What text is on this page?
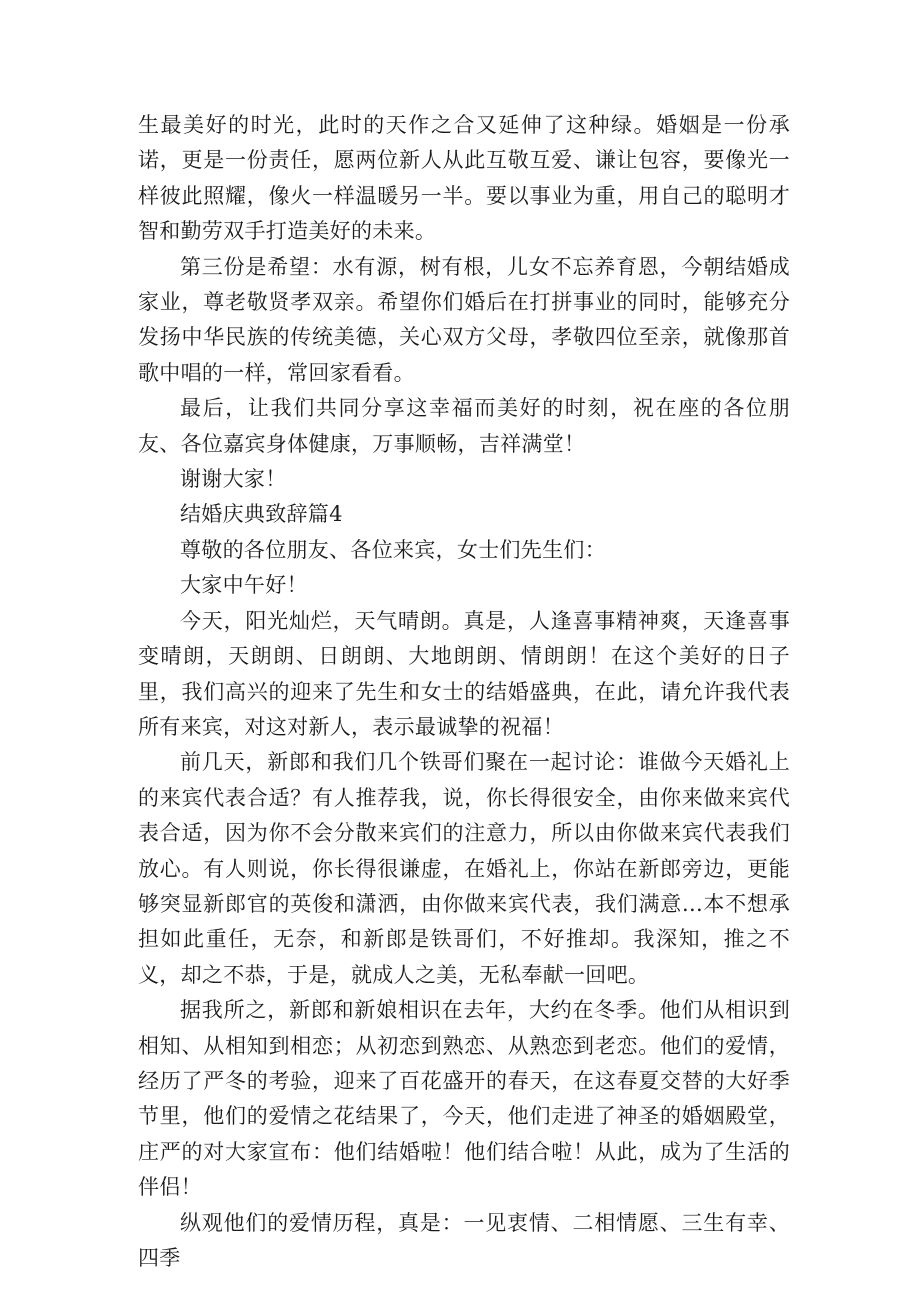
生最美好的时光，此时的天作之合又延伸了这种绿。婚姻是一份承诺，更是一份责任，愿两位新人从此互敬互爱、谦让包容，要像光一样彼此照耀，像火一样温暖另一半。要以事业为重，用自己的聪明才智和勤劳双手打造美好的未来。

第三份是希望：水有源，树有根，儿女不忘养育恩，今朝结婚成家业，尊老敬贤孝双亲。希望你们婚后在打拼事业的同时，能够充分发扬中华民族的传统美德，关心双方父母，孝敬四位至亲，就像那首歌中唱的一样，常回家看看。

最后，让我们共同分享这幸福而美好的时刻，祝在座的各位朋友、各位嘉宾身体健康，万事顺畅，吉祥满堂！

谢谢大家！

结婚庆典致辞篇4

尊敬的各位朋友、各位来宾，女士们先生们：

大家中午好！

今天，阳光灿烂，天气晴朗。真是，人逢喜事精神爽，天逢喜事变晴朗，天朗朗、日朗朗、大地朗朗、情朗朗！在这个美好的日子里，我们高兴的迎来了先生和女士的结婚盛典，在此，请允许我代表所有来宾，对这对新人，表示最诚挚的祝福！

前几天，新郎和我们几个铁哥们聚在一起讨论：谁做今天婚礼上的来宾代表合适？有人推荐我，说，你长得很安全，由你来做来宾代表合适，因为你不会分散来宾们的注意力，所以由你做来宾代表我们放心。有人则说，你长得很谦虚，在婚礼上，你站在新郎旁边，更能够突显新郎官的英俊和潇洒，由你做来宾代表，我们满意...本不想承担如此重任，无奈，和新郎是铁哥们，不好推却。我深知，推之不义，却之不恭，于是，就成人之美，无私奉献一回吧。

据我所之，新郎和新娘相识在去年，大约在冬季。他们从相识到相知、从相知到相恋；从初恋到熟恋、从熟恋到老恋。他们的爱情，经历了严冬的考验，迎来了百花盛开的春天，在这春夏交替的大好季节里，他们的爱情之花结果了，今天，他们走进了神圣的婚姻殿堂，庄严的对大家宣布：他们结婚啦！他们结合啦！从此，成为了生活的伴侣！

纵观他们的爱情历程，真是：一见衷情、二相情愿、三生有幸、四季
